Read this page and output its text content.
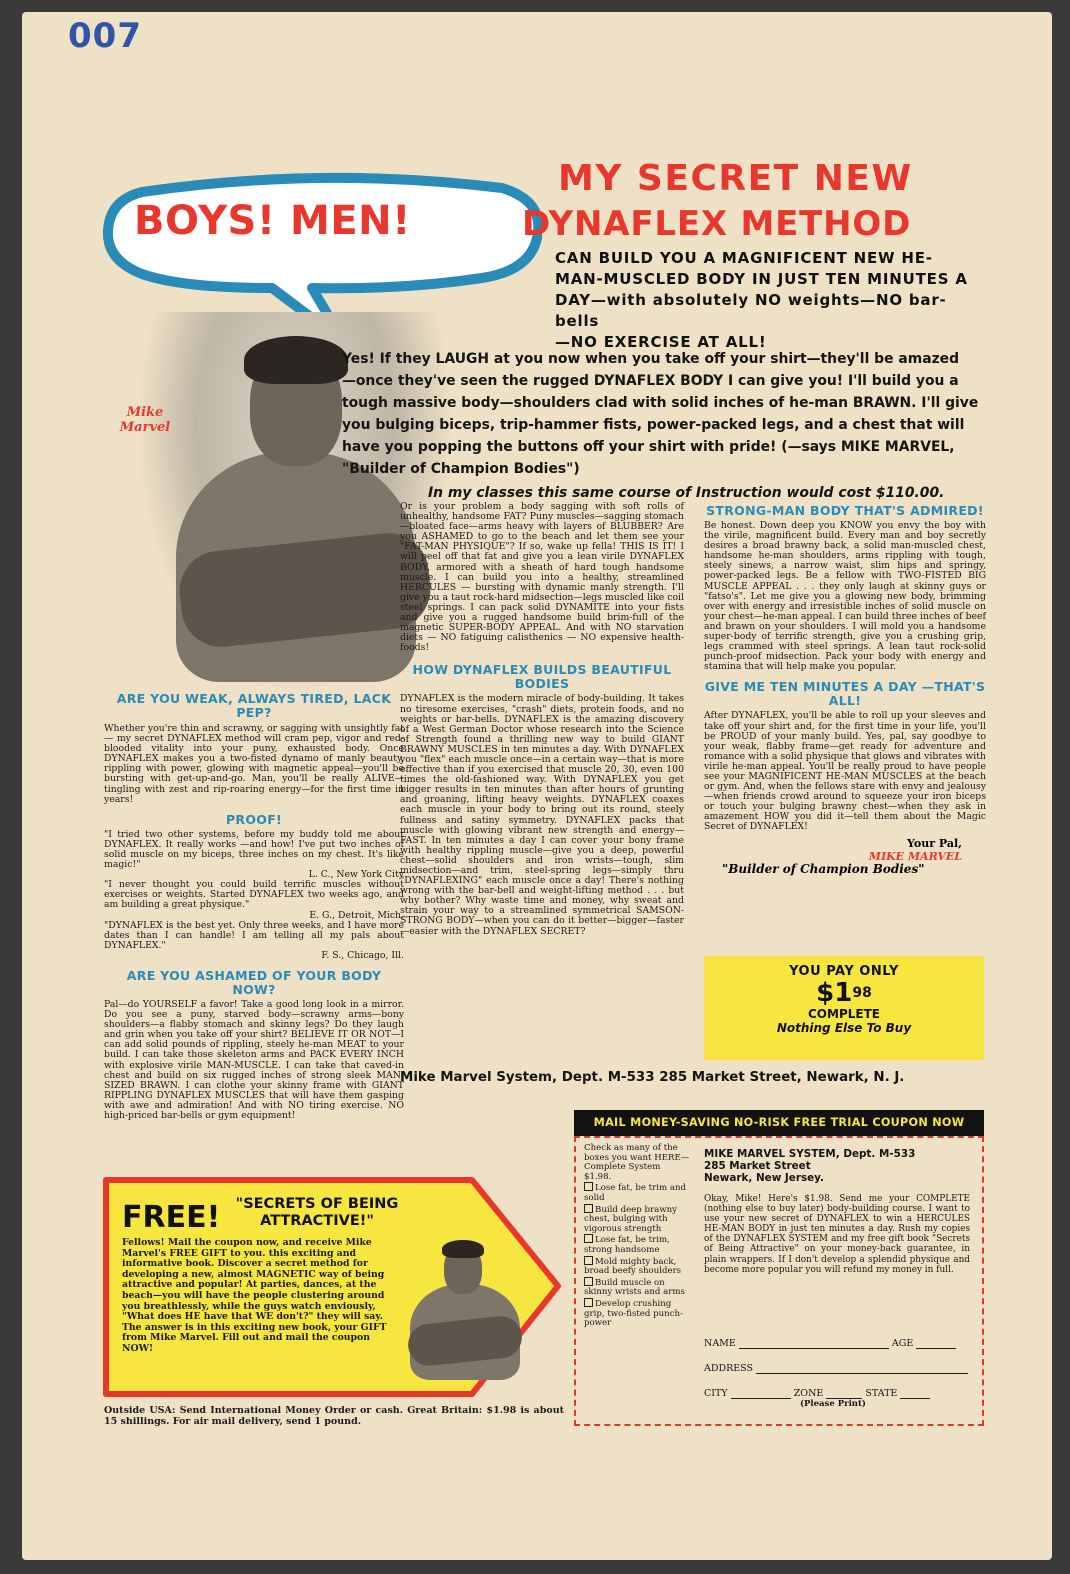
007
BOYS! MEN!
MY SECRET NEW
DYNAFLEX METHOD
CAN BUILD YOU A MAGNIFICENT NEW HE-
MAN-MUSCLED BODY IN JUST TEN MINUTES A
DAY—with absolutely NO weights—NO bar-bells
—NO EXERCISE AT ALL!
Mike
Marvel
Yes! If they LAUGH at you now when you take off your shirt—they'll be amazed
—once they've seen the rugged DYNAFLEX BODY I can give you! I'll build you a
tough massive body—shoulders clad with solid inches of he-man BRAWN. I'll give
you bulging biceps, trip-hammer fists, power-packed legs, and a chest that will
have you popping the buttons off your shirt with pride! (—says MIKE MARVEL,
"Builder of Champion Bodies")
In my classes this same course of Instruction would cost $110.00.
ARE YOU WEAK, ALWAYS TIRED, LACK PEP?

Whether you're thin and scrawny, or sagging with unsightly fat — my secret DYNAFLEX method will cram pep, vigor and red-blooded vitality into your puny, exhausted body. Once DYNAFLEX makes you a two-fisted dynamo of manly beauty, rippling with power, glowing with magnetic appeal—you'll be bursting with get-up-and-go. Man, you'll be really ALIVE—tingling with zest and rip-roaring energy—for the first time in years!

PROOF!

"I tried two other systems, before my buddy told me about DYNAFLEX. It really works —and how! I've put two inches of solid muscle on my biceps, three inches on my chest. It's like magic!"

L. C., New York City

"I never thought you could build terrific muscles without exercises or weights. Started DYNAFLEX two weeks ago, and am building a great physique."

E. G., Detroit, Mich.

"DYNAFLEX is the best yet. Only three weeks, and I have more dates than I can handle! I am telling all my pals about DYNAFLEX."

F. S., Chicago, Ill.

ARE YOU ASHAMED OF YOUR BODY NOW?

Pal—do YOURSELF a favor! Take a good long look in a mirror. Do you see a puny, starved body—scrawny arms—bony shoulders—a flabby stomach and skinny legs? Do they laugh and grin when you take off your shirt? BELIEVE IT OR NOT—I can add solid pounds of rippling, steely he-man MEAT to your build. I can take those skeleton arms and PACK EVERY INCH with explosive virile MAN-MUSCLE. I can take that caved-in chest and build on six rugged inches of strong sleek MAN-SIZED BRAWN. I can clothe your skinny frame with GIANT RIPPLING DYNAFLEX MUSCLES that will have them gasping with awe and admiration! And with NO tiring exercise. NO high-priced bar-bells or gym equipment!

Or is your problem a body sagging with soft rolls of unhealthy, handsome FAT? Puny muscles—sagging stomach—bloated face—arms heavy with layers of BLUBBER? Are you ASHAMED to go to the beach and let them see your "FAT-MAN PHYSIQUE"? If so, wake up fella! THIS IS IT! I will peel off that fat and give you a lean virile DYNAFLEX BODY, armored with a sheath of hard tough handsome muscle. I can build you into a healthy, streamlined HERCULES — bursting with dynamic manly strength. I'll give you a taut rock-hard midsection—legs muscled like coil steel springs. I can pack solid DYNAMITE into your fists and give you a rugged handsome build brim-full of the magnetic SUPER-BODY APPEAL. And with NO starvation diets — NO fatiguing calisthenics — NO expensive health-foods!

HOW DYNAFLEX BUILDS BEAUTIFUL BODIES

DYNAFLEX is the modern miracle of body-building. It takes no tiresome exercises, "crash" diets, protein foods, and no weights or bar-bells. DYNAFLEX is the amazing discovery of a West German Doctor whose research into the Science of Strength found a thrilling new way to build GIANT BRAWNY MUSCLES in ten minutes a day. With DYNAFLEX you "flex" each muscle once—in a certain way—that is more effective than if you exercised that muscle 20, 30, even 100 times the old-fashioned way. With DYNAFLEX you get bigger results in ten minutes than after hours of grunting and groaning, lifting heavy weights. DYNAFLEX coaxes each muscle in your body to bring out its round, steely fullness and satiny symmetry. DYNAFLEX packs that muscle with glowing vibrant new strength and energy—FAST. In ten minutes a day I can cover your bony frame with healthy rippling muscle—give you a deep, powerful chest—solid shoulders and iron wrists—tough, slim midsection—and trim, steel-spring legs—simply thru "DYNAFLEXING" each muscle once a day! There's nothing wrong with the bar-bell and weight-lifting method . . . but why bother? Why waste time and money, why sweat and strain your way to a streamlined symmetrical SAMSON-STRONG BODY—when you can do it better—bigger—faster—easier with the DYNAFLEX SECRET?

STRONG-MAN BODY THAT'S ADMIRED!

Be honest. Down deep you KNOW you envy the boy with the virile, magnificent build. Every man and boy secretly desires a broad brawny back, a solid man-muscled chest, handsome he-man shoulders, arms rippling with tough, steely sinews, a narrow waist, slim hips and springy, power-packed legs. Be a fellow with TWO-FISTED BIG MUSCLE APPEAL . . . they only laugh at skinny guys or "fatso's". Let me give you a glowing new body, brimming over with energy and irresistible inches of solid muscle on your chest—he-man appeal. I can build three inches of beef and brawn on your shoulders. I will mold you a handsome super-body of terrific strength, give you a crushing grip, legs crammed with steel springs. A lean taut rock-solid punch-proof midsection. Pack your body with energy and stamina that will help make you popular.

GIVE ME TEN MINUTES A DAY —THAT'S ALL!

After DYNAFLEX, you'll be able to roll up your sleeves and take off your shirt and, for the first time in your life, you'll be PROUD of your manly build. Yes, pal, say goodbye to your weak, flabby frame—get ready for adventure and romance with a solid physique that glows and vibrates with virile he-man appeal. You'll be really proud to have people see your MAGNIFICENT HE-MAN MUSCLES at the beach or gym. And, when the fellows stare with envy and jealousy—when friends crowd around to squeeze your iron biceps or touch your bulging brawny chest—when they ask in amazement HOW you did it—tell them about the Magic Secret of DYNAFLEX!

Your Pal,
MIKE MARVEL
"Builder of Champion Bodies"
YOU PAY ONLY
$\$1^{98}$
COMPLETE
Nothing Else To Buy
Mike Marvel System, Dept. M-533 285 Market Street, Newark, N. J.
MAIL MONEY-SAVING NO-RISK FREE TRIAL COUPON NOW

Check as many of the boxes you want HERE—Complete System $1.98.

Lose fat, be trim and solid

Build deep brawny chest, bulging with vigorous strength

Lose fat, be trim, strong handsome

Mold mighty back, broad beefy shoulders

Build muscle on skinny wrists and arms

Develop crushing grip, two-fisted punch-power

MIKE MARVEL SYSTEM, Dept. M-533
285 Market Street
Newark, New Jersey.

Okay, Mike! Here's $1.98. Send me your COMPLETE (nothing else to buy later) body-building course. I want to use your new secret of DYNAFLEX to win a HERCULES HE-MAN BODY in just ten minutes a day. Rush my copies of the DYNAFLEX SYSTEM and my free gift book "Secrets of Being Attractive" on your money-back guarantee, in plain wrappers. If I don't develop a splendid physique and become more popular you will refund my money in full.

NAME	AGE
ADDRESS
CITY	ZONE	STATE
(Please Print)
FREE!	"SECRETS OF BEING ATTRACTIVE!"

Fellows! Mail the coupon now, and receive Mike Marvel's FREE GIFT to you. this exciting and informative book. Discover a secret method for developing a new, almost MAGNETIC way of being attractive and popular! At parties, dances, at the beach—you will have the people clustering around you breathlessly, while the guys watch enviously, "What does HE have that WE don't?" they will say. The answer is in this exciting new book, your GIFT from Mike Marvel. Fill out and mail the coupon NOW!

Outside USA: Send International Money Order or cash. Great Britain: $1.98 is about 15 shillings. For air mail delivery, send 1 pound.
